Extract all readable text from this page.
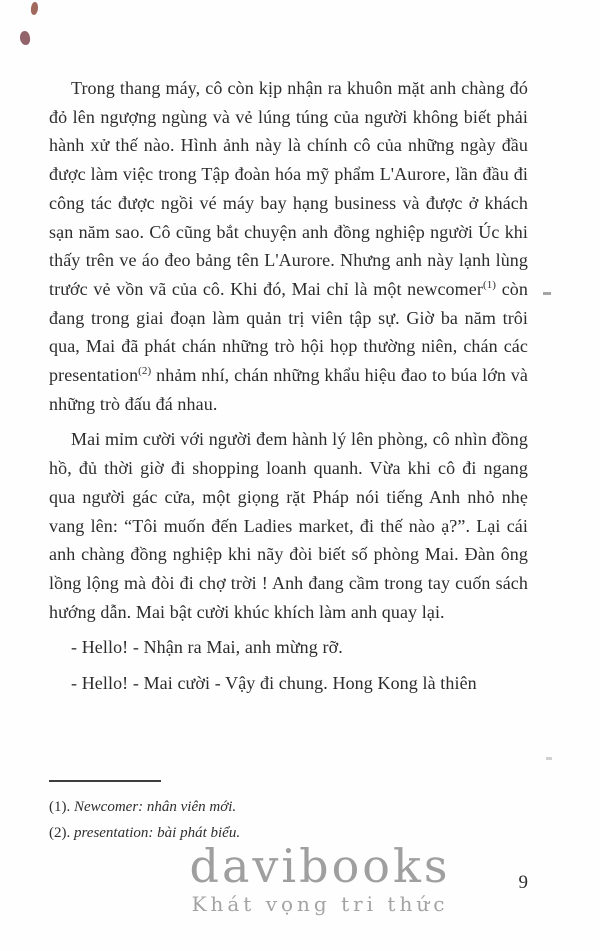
Trong thang máy, cô còn kịp nhận ra khuôn mặt anh chàng đó đỏ lên ngượng ngùng và vẻ lúng túng của người không biết phải hành xử thế nào. Hình ảnh này là chính cô của những ngày đầu được làm việc trong Tập đoàn hóa mỹ phẩm L'Aurore, lần đầu đi công tác được ngồi vé máy bay hạng business và được ở khách sạn năm sao. Cô cũng bắt chuyện anh đồng nghiệp người Úc khi thấy trên ve áo đeo bảng tên L'Aurore. Nhưng anh này lạnh lùng trước vẻ vồn vã của cô. Khi đó, Mai chỉ là một newcomer$^{(1)}$ còn đang trong giai đoạn làm quản trị viên tập sự. Giờ ba năm trôi qua, Mai đã phát chán những trò hội họp thường niên, chán các presentation$^{(2)}$ nhảm nhí, chán những khẩu hiệu đao to búa lớn và những trò đấu đá nhau.

Mai mỉm cười với người đem hành lý lên phòng, cô nhìn đồng hồ, đủ thời giờ đi shopping loanh quanh. Vừa khi cô đi ngang qua người gác cửa, một giọng rặt Pháp nói tiếng Anh nhỏ nhẹ vang lên: “Tôi muốn đến Ladies market, đi thế nào ạ?”. Lại cái anh chàng đồng nghiệp khi nãy đòi biết số phòng Mai. Đàn ông lồng lộng mà đòi đi chợ trời ! Anh đang cầm trong tay cuốn sách hướng dẫn. Mai bật cười khúc khích làm anh quay lại.

- Hello! - Nhận ra Mai, anh mừng rỡ.

- Hello! - Mai cười - Vậy đi chung. Hong Kong là thiên

(1). Newcomer: nhân viên mới.

(2). presentation: bài phát biểu.

davibooks
Khát vọng tri thức
9
